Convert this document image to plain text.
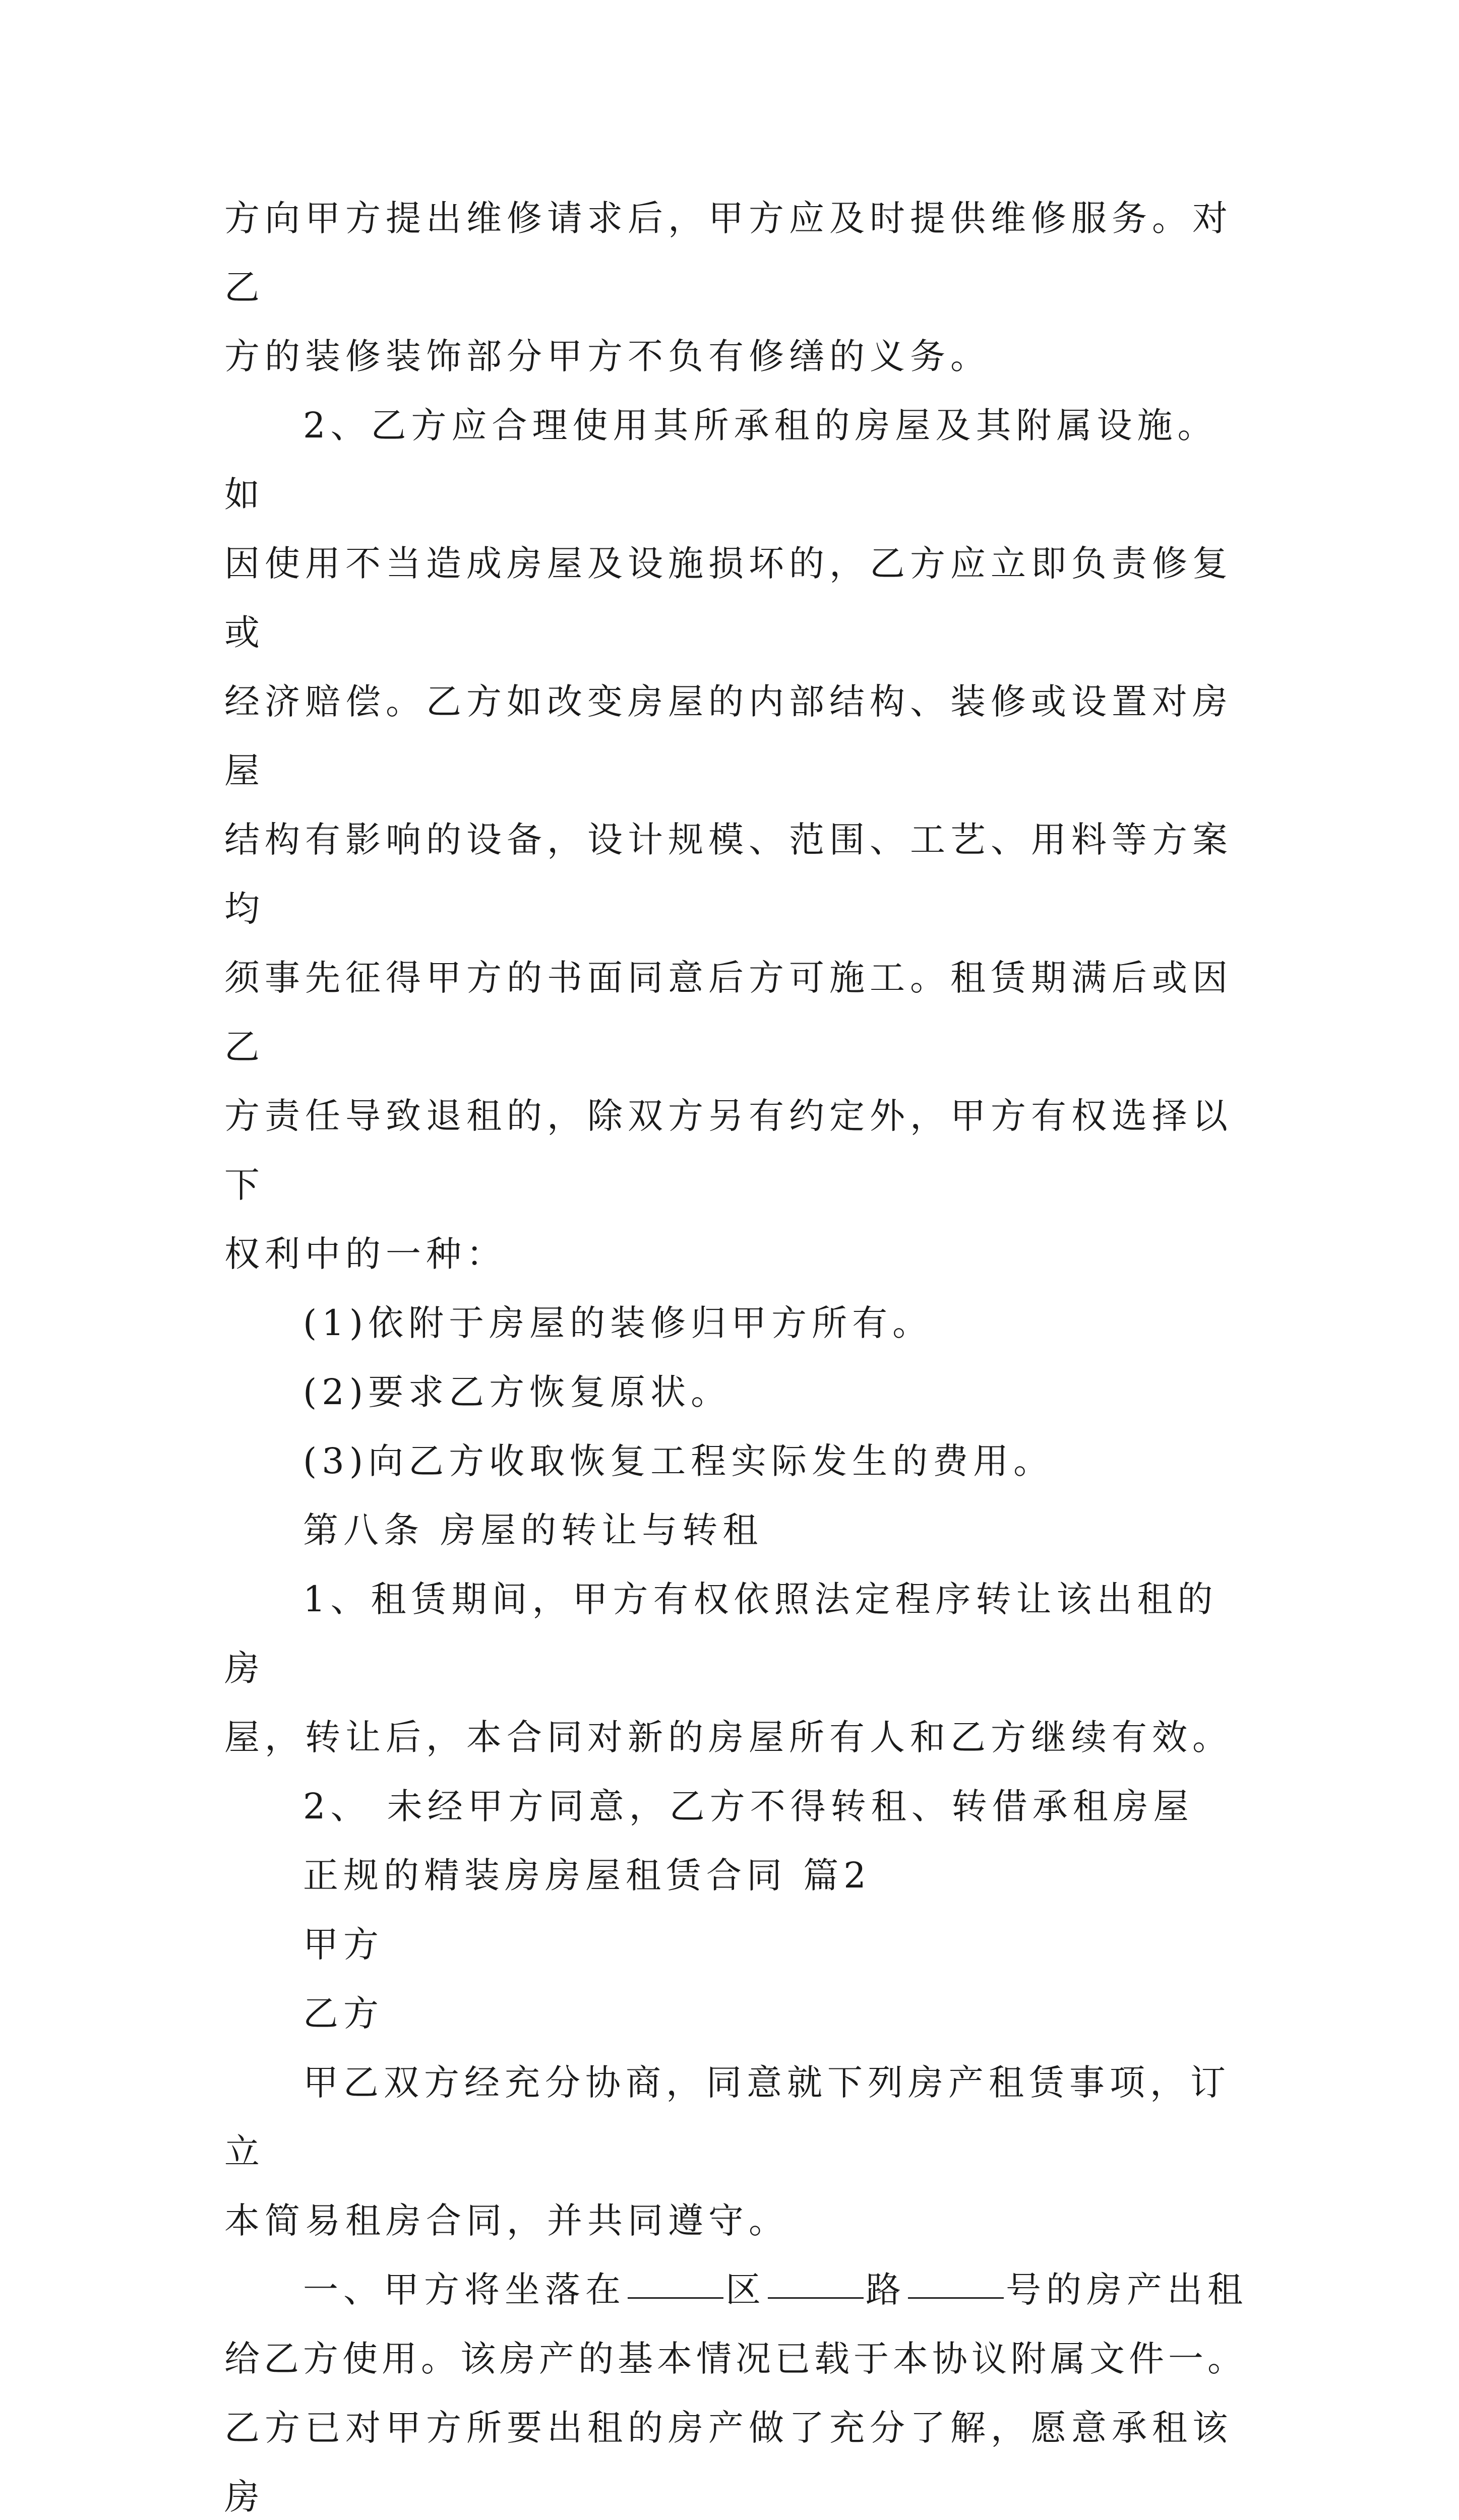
方向甲方提出维修请求后，甲方应及时提供维修服务。对乙

方的装修装饰部分甲方不负有修缮的义务。

2、乙方应合理使用其所承租的房屋及其附属设施。如

因使用不当造成房屋及设施损坏的，乙方应立即负责修复或

经济赔偿。乙方如改变房屋的内部结构、装修或设置对房屋

结构有影响的设备，设计规模、范围、工艺、用料等方案均

须事先征得甲方的书面同意后方可施工。租赁期满后或因乙

方责任导致退租的，除双方另有约定外，甲方有权选择以下

权利中的一种：

(1)依附于房屋的装修归甲方所有。

(2)要求乙方恢复原状。

(3)向乙方收取恢复工程实际发生的费用。

第八条 房屋的转让与转租

1、租赁期间，甲方有权依照法定程序转让该出租的房

屋，转让后，本合同对新的房屋所有人和乙方继续有效。

2、 未经甲方同意，乙方不得转租、转借承租房屋

正规的精装房房屋租赁合同 篇2

甲方

乙方

甲乙双方经充分协商，同意就下列房产租赁事项，订立

本简易租房合同，并共同遵守。

一、甲方将坐落在	区	路	号的房产出租

给乙方使用。该房产的基本情况已载于本协议附属文件一。

乙方已对甲方所要出租的房产做了充分了解，愿意承租该房
